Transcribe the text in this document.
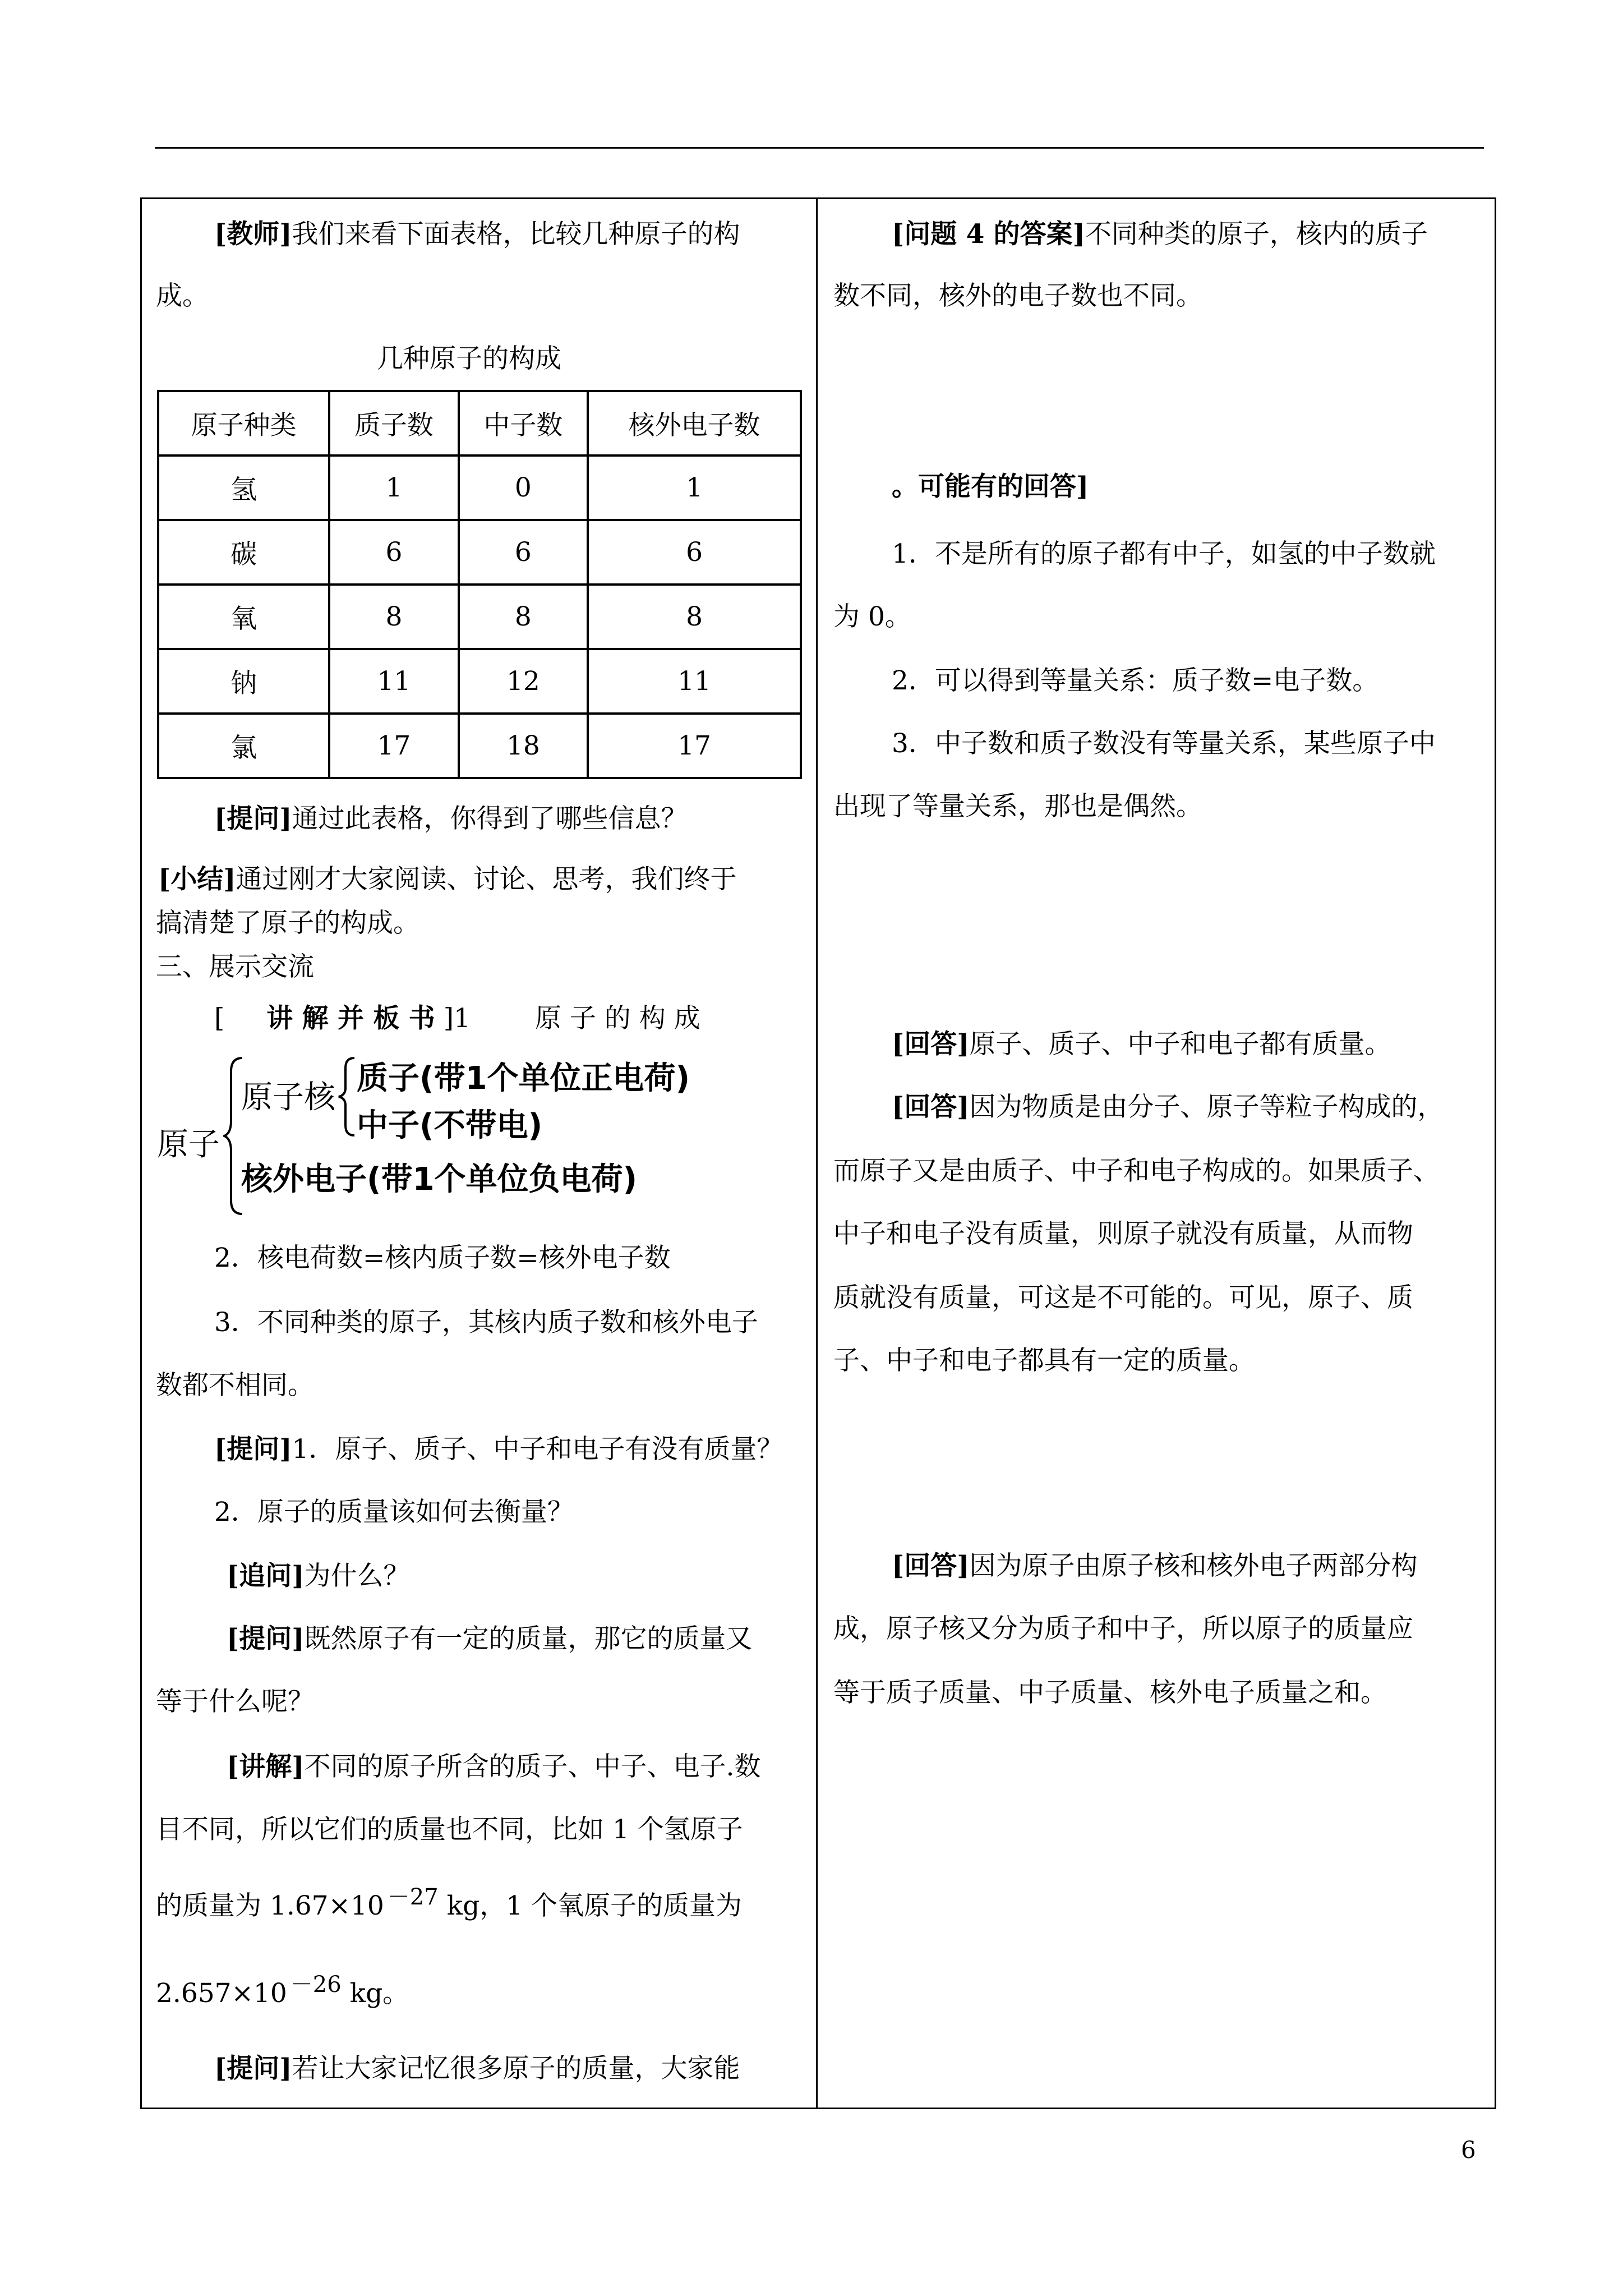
[教师]我们来看下面表格，比较几种原子的构
成。
几种原子的构成
原子种类	质子数	中子数	核外电子数
氢	1	0	1
碳	6	6	6
氧	8	8	8
钠	11	12	11
氯	17	18	17
[提问]通过此表格，你得到了哪些信息？
[小结]通过刚才大家阅读、讨论、思考，我们终于
搞清楚了原子的构成。
三、展示交流
[ 讲 解 并 板 书 ]1 原 子 的 构 成
原子
原子核
质子(带1个单位正电荷)
中子(不带电)
核外电子(带1个单位负电荷)
2．核电荷数=核内质子数=核外电子数
3．不同种类的原子，其核内质子数和核外电子
数都不相同。
[提问]1．原子、质子、中子和电子有没有质量？
2．原子的质量该如何去衡量？
[追问]为什么？
[提问]既然原子有一定的质量，那它的质量又
等于什么呢？
[讲解]不同的原子所含的质子、中子、电子.数
目不同，所以它们的质量也不同，比如 1 个氢原子
的质量为 1.67×10 －27 kg，1 个氧原子的质量为
2.657×10 －26 kg。
[提问]若让大家记忆很多原子的质量，大家能
[问题 4 的答案]不同种类的原子，核内的质子
数不同，核外的电子数也不同。
。可能有的回答]
1．不是所有的原子都有中子，如氢的中子数就
为 0。
2．可以得到等量关系：质子数=电子数。
3．中子数和质子数没有等量关系，某些原子中
出现了等量关系，那也是偶然。
[回答]原子、质子、中子和电子都有质量。
[回答]因为物质是由分子、原子等粒子构成的，
而原子又是由质子、中子和电子构成的。如果质子、
中子和电子没有质量，则原子就没有质量，从而物
质就没有质量，可这是不可能的。可见，原子、质
子、中子和电子都具有一定的质量。
[回答]因为原子由原子核和核外电子两部分构
成，原子核又分为质子和中子，所以原子的质量应
等于质子质量、中子质量、核外电子质量之和。
6
